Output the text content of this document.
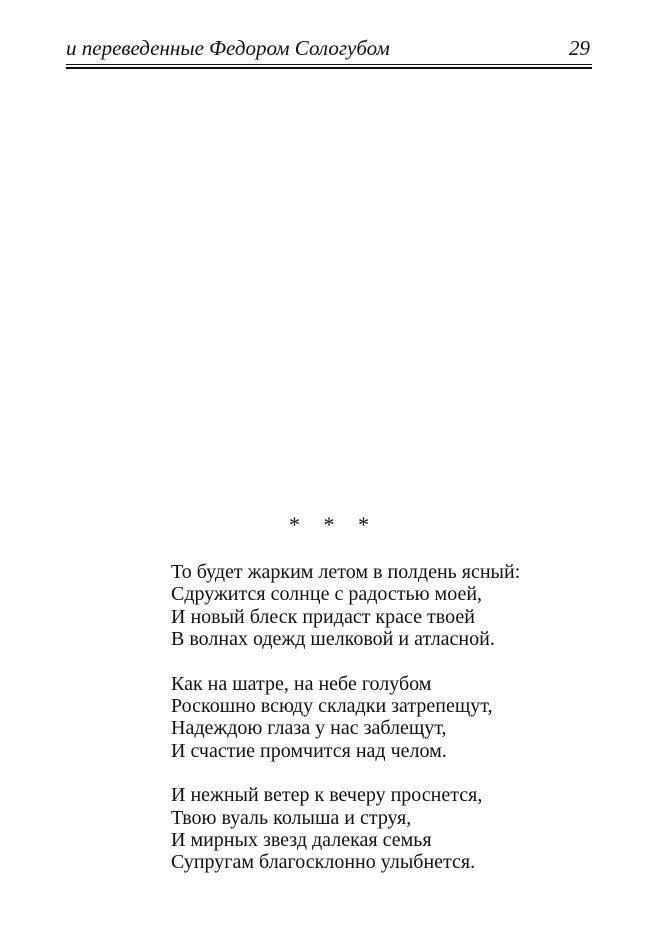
и переведенные Федором Сологубом	29
* * *
То будет жарким летом в полдень ясный:
Сдружится солнце с радостью моей,
И новый блеск придаст красе твоей
В волнах одежд шелковой и атласной.
Как на шатре, на небе голубом
Роскошно всюду складки затрепещут,
Надеждою глаза у нас заблещут,
И счастие промчится над челом.
И нежный ветер к вечеру проснется,
Твою вуаль колыша и струя,
И мирных звезд далекая семья
Супругам благосклонно улыбнется.
